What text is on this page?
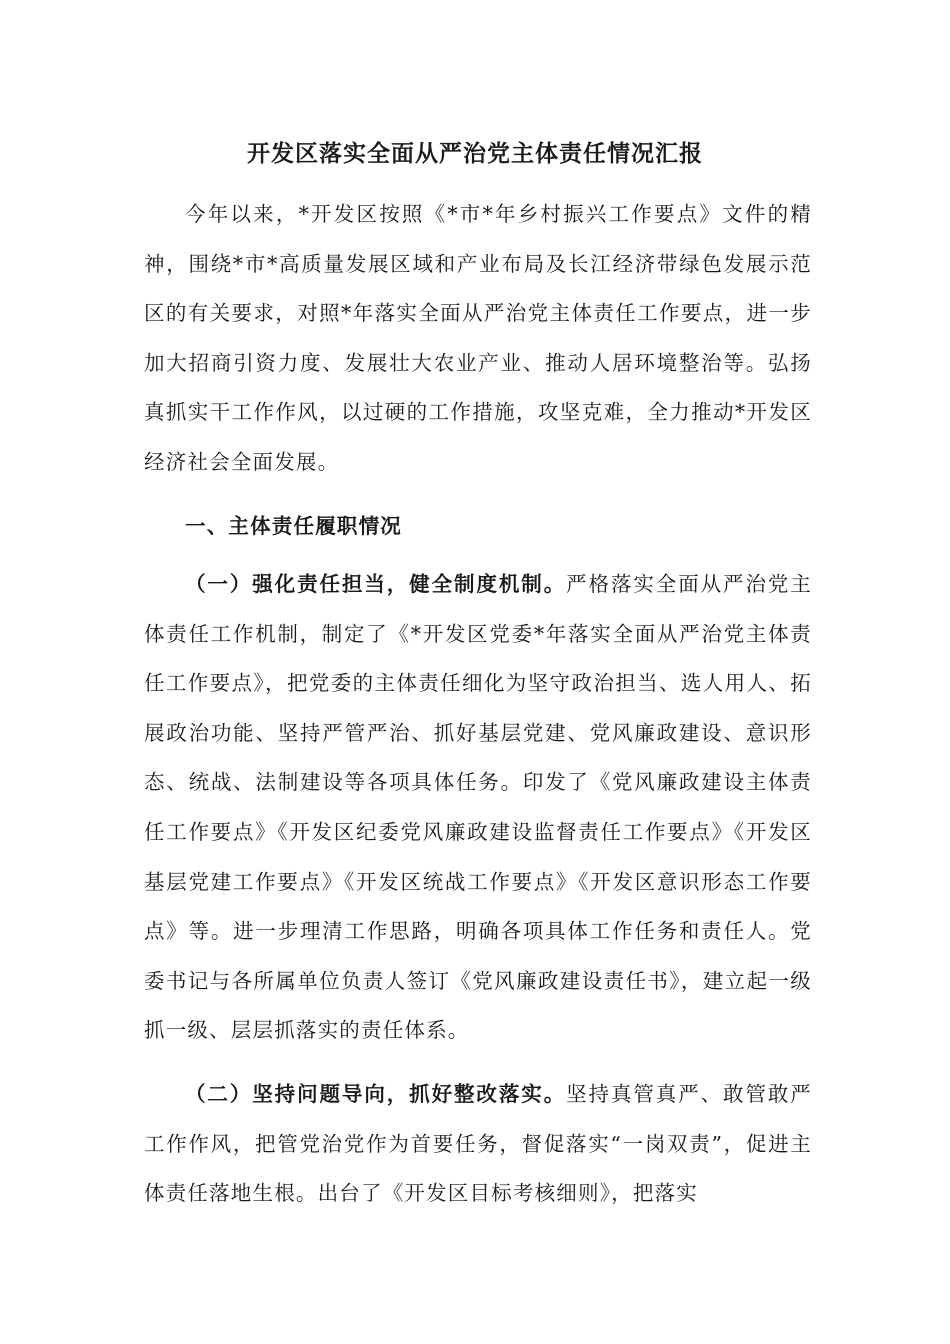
开发区落实全面从严治党主体责任情况汇报

今年以来，*开发区按照《*市*年乡村振兴工作要点》文件的精神，围绕*市*高质量发展区域和产业布局及长江经济带绿色发展示范区的有关要求，对照*年落实全面从严治党主体责任工作要点，进一步加大招商引资力度、发展壮大农业产业、推动人居环境整治等。弘扬真抓实干工作作风，以过硬的工作措施，攻坚克难，全力推动*开发区经济社会全面发展。

一、主体责任履职情况

（一）强化责任担当，健全制度机制。严格落实全面从严治党主体责任工作机制，制定了《*开发区党委*年落实全面从严治党主体责任工作要点》，把党委的主体责任细化为坚守政治担当、选人用人、拓展政治功能、坚持严管严治、抓好基层党建、党风廉政建设、意识形态、统战、法制建设等各项具体任务。印发了《党风廉政建设主体责任工作要点》《开发区纪委党风廉政建设监督责任工作要点》《开发区基层党建工作要点》《开发区统战工作要点》《开发区意识形态工作要点》等。进一步理清工作思路，明确各项具体工作任务和责任人。党委书记与各所属单位负责人签订《党风廉政建设责任书》，建立起一级抓一级、层层抓落实的责任体系。

（二）坚持问题导向，抓好整改落实。坚持真管真严、敢管敢严工作作风，把管党治党作为首要任务，督促落实“一岗双责”，促进主体责任落地生根。出台了《开发区目标考核细则》，把落实
